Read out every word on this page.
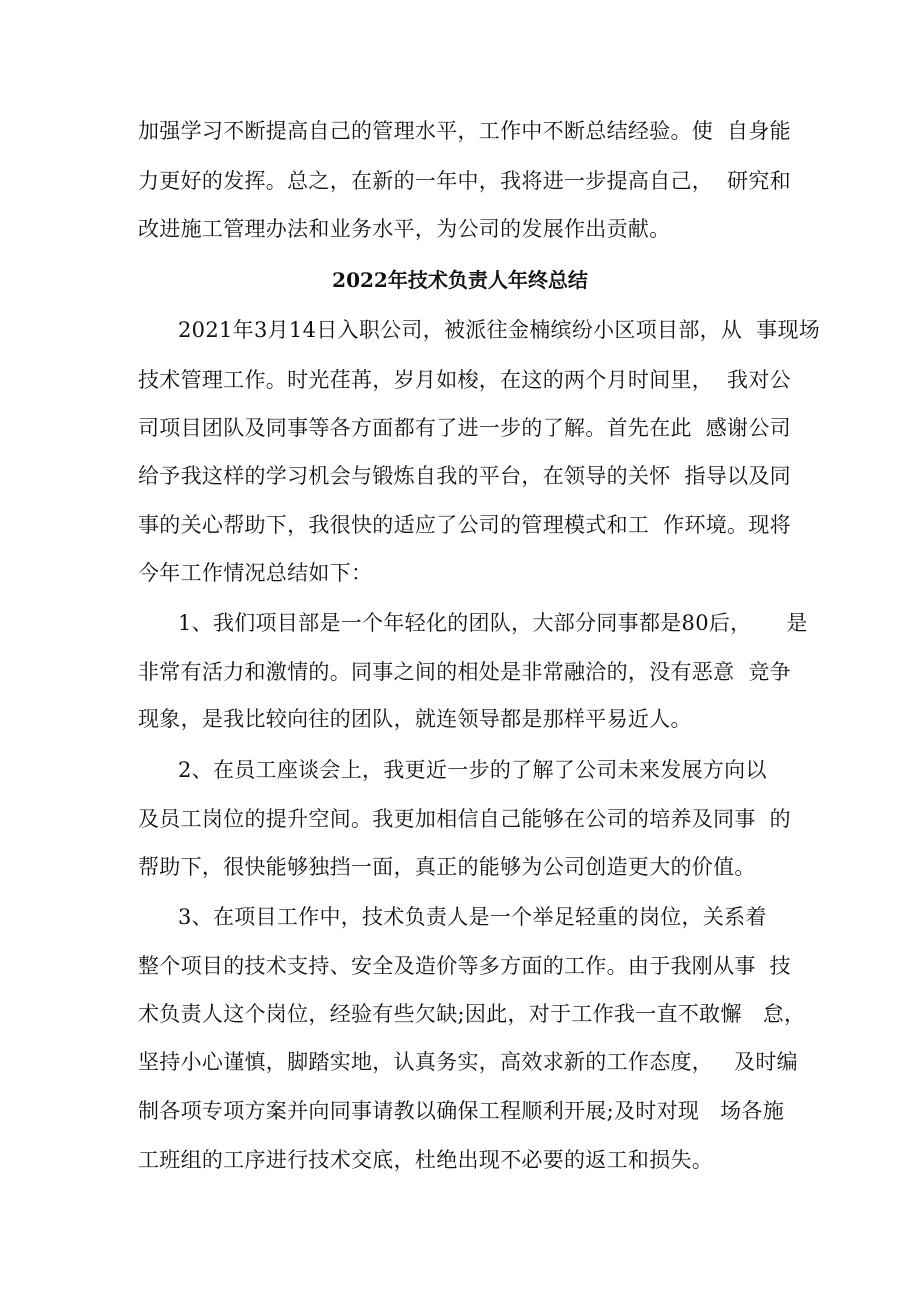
加强学习不断提高自己的管理水平，工作中不断总结经验。使  自身能
力更好的发挥。总之，在新的一年中，我将进一步提高自己，  研究和
改进施工管理办法和业务水平，为公司的发展作出贡献。
2022年技术负责人年终总结
2021年3月14日入职公司，被派往金楠缤纷小区项目部，从  事现场
技术管理工作。时光荏苒，岁月如梭，在这的两个月时间里，  我对公
司项目团队及同事等各方面都有了进一步的了解。首先在此  感谢公司
给予我这样的学习机会与锻炼自我的平台，在领导的关怀  指导以及同
事的关心帮助下，我很快的适应了公司的管理模式和工  作环境。现将
今年工作情况总结如下：
1、我们项目部是一个年轻化的团队，大部分同事都是80后，     是
非常有活力和激情的。同事之间的相处是非常融洽的，没有恶意  竞争
现象，是我比较向往的团队，就连领导都是那样平易近人。
2、在员工座谈会上，我更近一步的了解了公司未来发展方向以
及员工岗位的提升空间。我更加相信自己能够在公司的培养及同事  的
帮助下，很快能够独挡一面，真正的能够为公司创造更大的价值。
3、在项目工作中，技术负责人是一个举足轻重的岗位，关系着
整个项目的技术支持、安全及造价等多方面的工作。由于我刚从事  技
术负责人这个岗位，经验有些欠缺;因此，对于工作我一直不敢懈   怠，
坚持小心谨慎，脚踏实地，认真务实，高效求新的工作态度，   及时编
制各项专项方案并向同事请教以确保工程顺利开展;及时对现   场各施
工班组的工序进行技术交底，杜绝出现不必要的返工和损失。
